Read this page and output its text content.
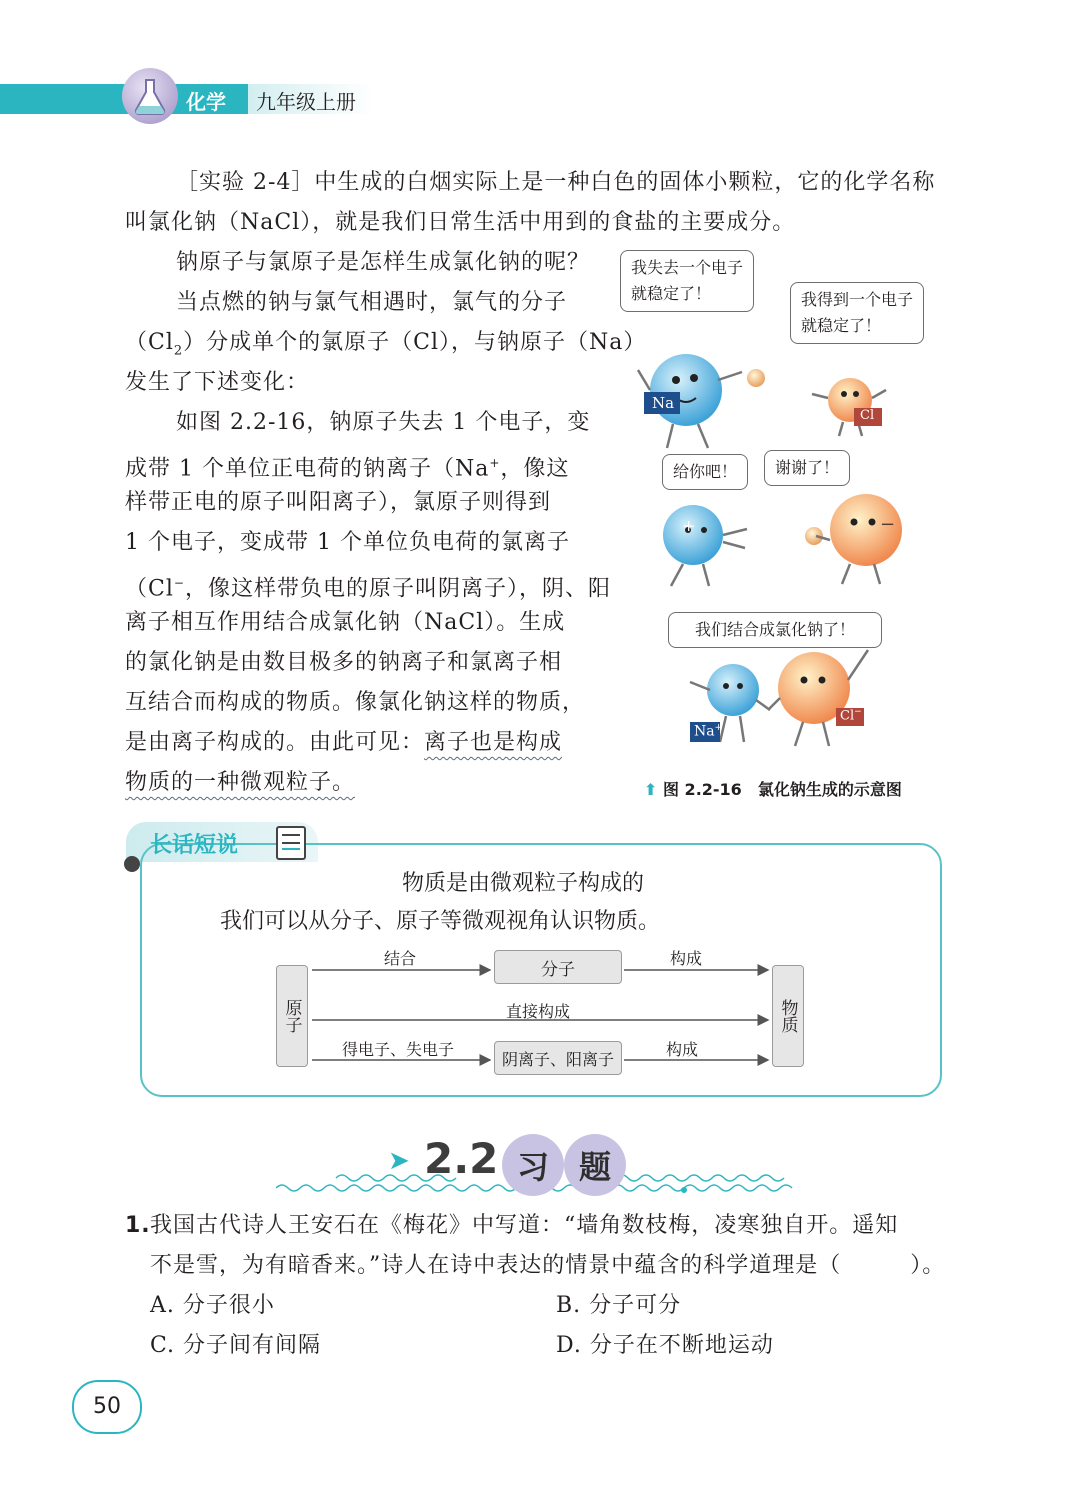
化学 九年级上册
［实验 2-4］中生成的白烟实际上是一种白色的固体小颗粒，它的化学名称
叫氯化钠（NaCl），就是我们日常生活中用到的食盐的主要成分。
钠原子与氯原子是怎样生成氯化钠的呢？
当点燃的钠与氯气相遇时，氯气的分子
$(Cl_2)$分成单个的氯原子（Cl），与钠原子（Na）
发生了下述变化：
如图 2.2-16，钠原子失去 1 个电子，变
成带 1 个单位正电荷的钠离子（Na+，像这
样带正电的原子叫阳离子），氯原子则得到
1 个电子，变成带 1 个单位负电荷的氯离子
（Cl−，像这样带负电的原子叫阴离子），阴、阳
离子相互作用结合成氯化钠（NaCl）。生成
的氯化钠是由数目极多的钠离子和氯离子相
互结合而构成的物质。像氯化钠这样的物质，
是由离子构成的。由此可见：离子也是构成
物质的一种微观粒子。
Na
Cl
+	−
Na+
Cl−
我失去一个电子
就稳定了！	我得到一个电子
就稳定了！
给你吧！	谢谢了！
我们结合成氯化钠了！
⬆ 图 2.2-16 氯化钠生成的示意图
长话短说
物质是由微观粒子构成的
我们可以从分子、原子等微观视角认识物质。
原子	物质
分子
阴离子、阳离子
结合	构成
直接构成
得电子、失电子	构成
➤ 2.2 习 题
1. 我国古代诗人王安石在《梅花》中写道：“墙角数枝梅，凌寒独自开。遥知
不是雪，为有暗香来。”诗人在诗中表达的情景中蕴含的科学道理是（　　　）。
A. 分子很小	B. 分子可分
C. 分子间有间隔	D. 分子在不断地运动
50
